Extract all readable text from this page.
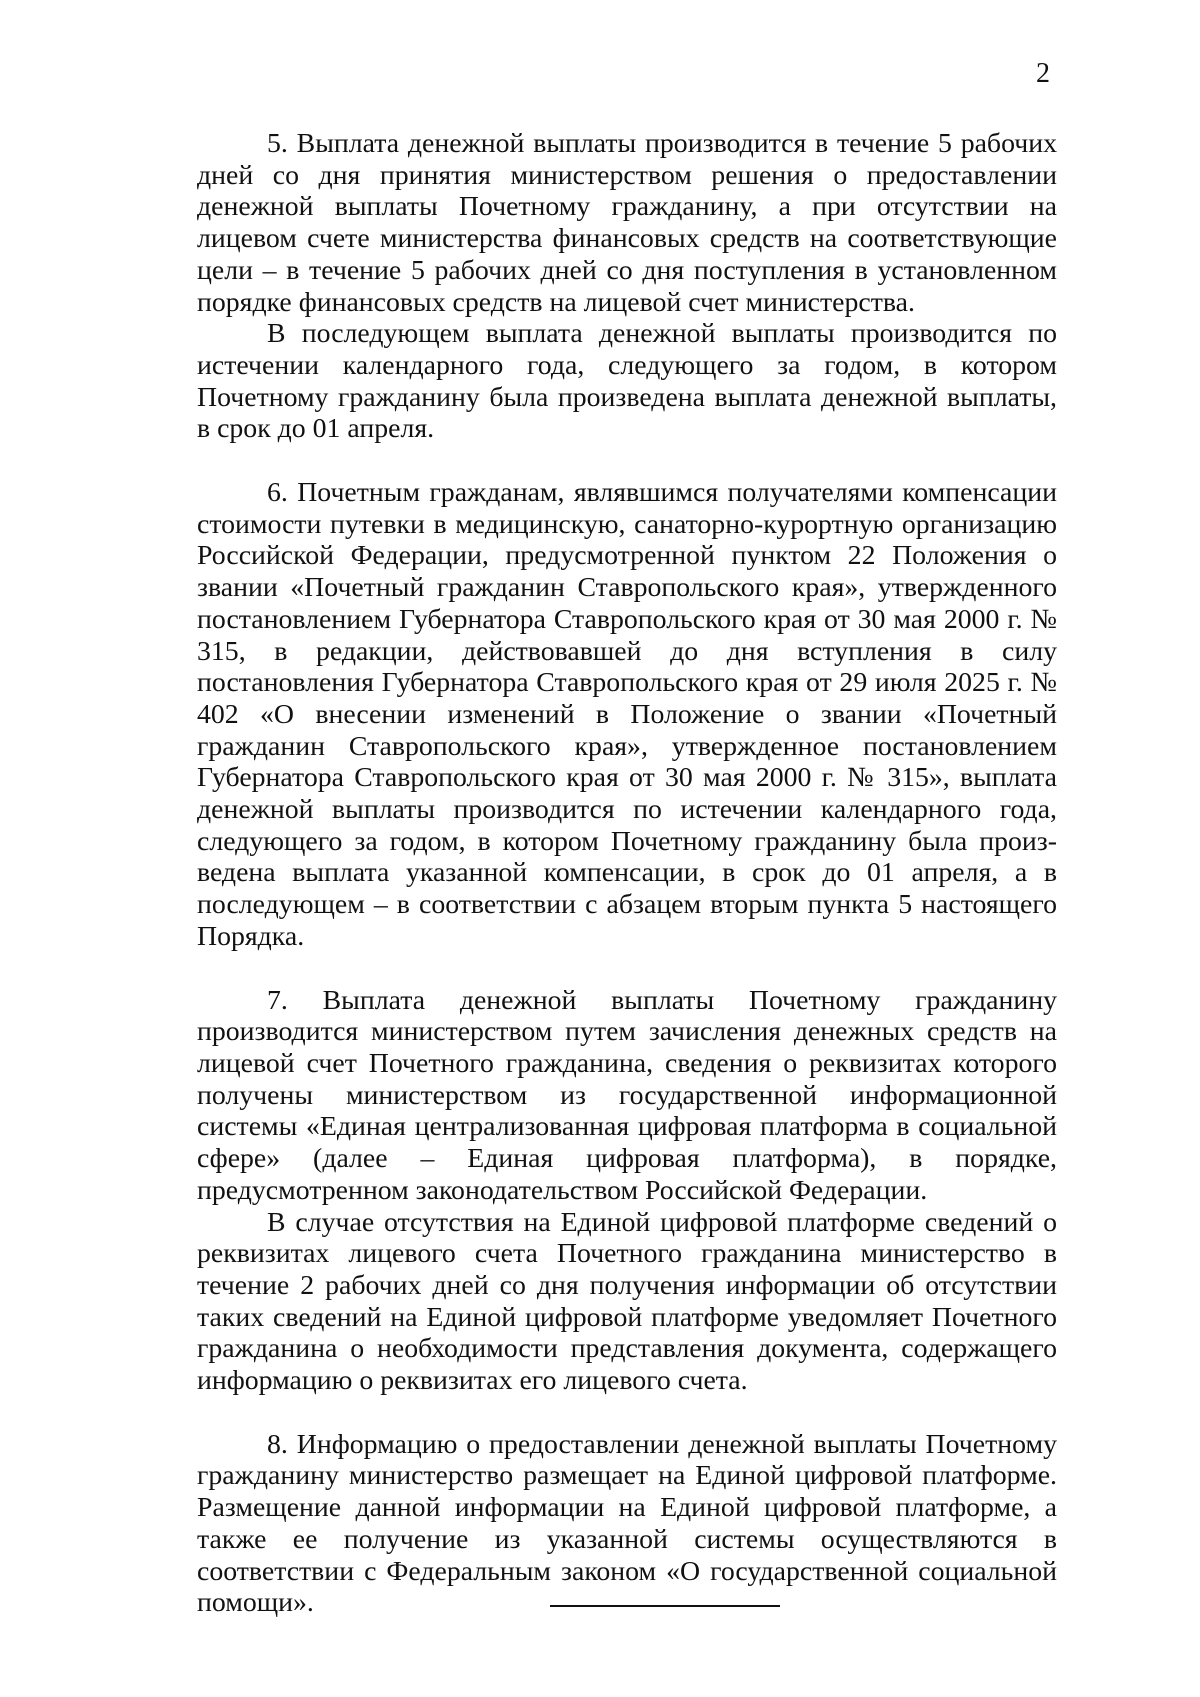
2

5. Выплата денежной выплаты производится в течение 5 рабочих дней со дня принятия министерством решения о предоставлении денежной выплаты Почетному гражданину, а при отсутствии на лицевом счете министерства финансовых средств на соответствующие цели – в течение 5 рабочих дней со дня поступления в установленном порядке финансовых средств на лицевой счет министерства.

В последующем выплата денежной выплаты производится по истечении календарного года, следующего за годом, в котором Почетному гражданину была произведена выплата денежной выплаты, в срок до 01 апреля.

6. Почетным гражданам, являвшимся получателями компенсации стоимости путевки в медицинскую, санаторно-курортную организацию Российской Федерации, предусмотренной пунктом 22 Положения о звании «Почетный гражданин Ставропольского края», утвержденного постановлением Губернатора Ставропольского края от 30 мая 2000 г. № 315, в редакции, действовавшей до дня вступления в силу постановления Губернатора Ставропольского края от 29 июля 2025 г. № 402 «О внесении изменений в Положение о звании «Почетный гражданин Ставропольского края», утвержденное постановлением Губернатора Ставропольского края от 30 мая 2000 г. № 315», выплата денежной выплаты производится по истечении календарного года, следующего за годом, в котором Почетному гражданину была произведена выплата указанной компенсации, в срок до 01 апреля, а в последующем – в соответствии с абзацем вторым пункта 5 настоящего Порядка.

7. Выплата денежной выплаты Почетному гражданину производится министерством путем зачисления денежных средств на лицевой счет Почетного гражданина, сведения о реквизитах которого получены министерством из государственной информационной системы «Единая централизованная цифровая платформа в социальной сфере» (далее – Единая цифровая платформа), в порядке, предусмотренном законодательством Российской Федерации.

В случае отсутствия на Единой цифровой платформе сведений о реквизитах лицевого счета Почетного гражданина министерство в течение 2 рабочих дней со дня получения информации об отсутствии таких сведений на Единой цифровой платформе уведомляет Почетного гражданина о необходимости представления документа, содержащего информацию о реквизитах его лицевого счета.

8. Информацию о предоставлении денежной выплаты Почетному гражданину министерство размещает на Единой цифровой платформе. Размещение данной информации на Единой цифровой платформе, а также ее получение из указанной системы осуществляются в соответствии с Федеральным законом «О государственной социальной помощи».
